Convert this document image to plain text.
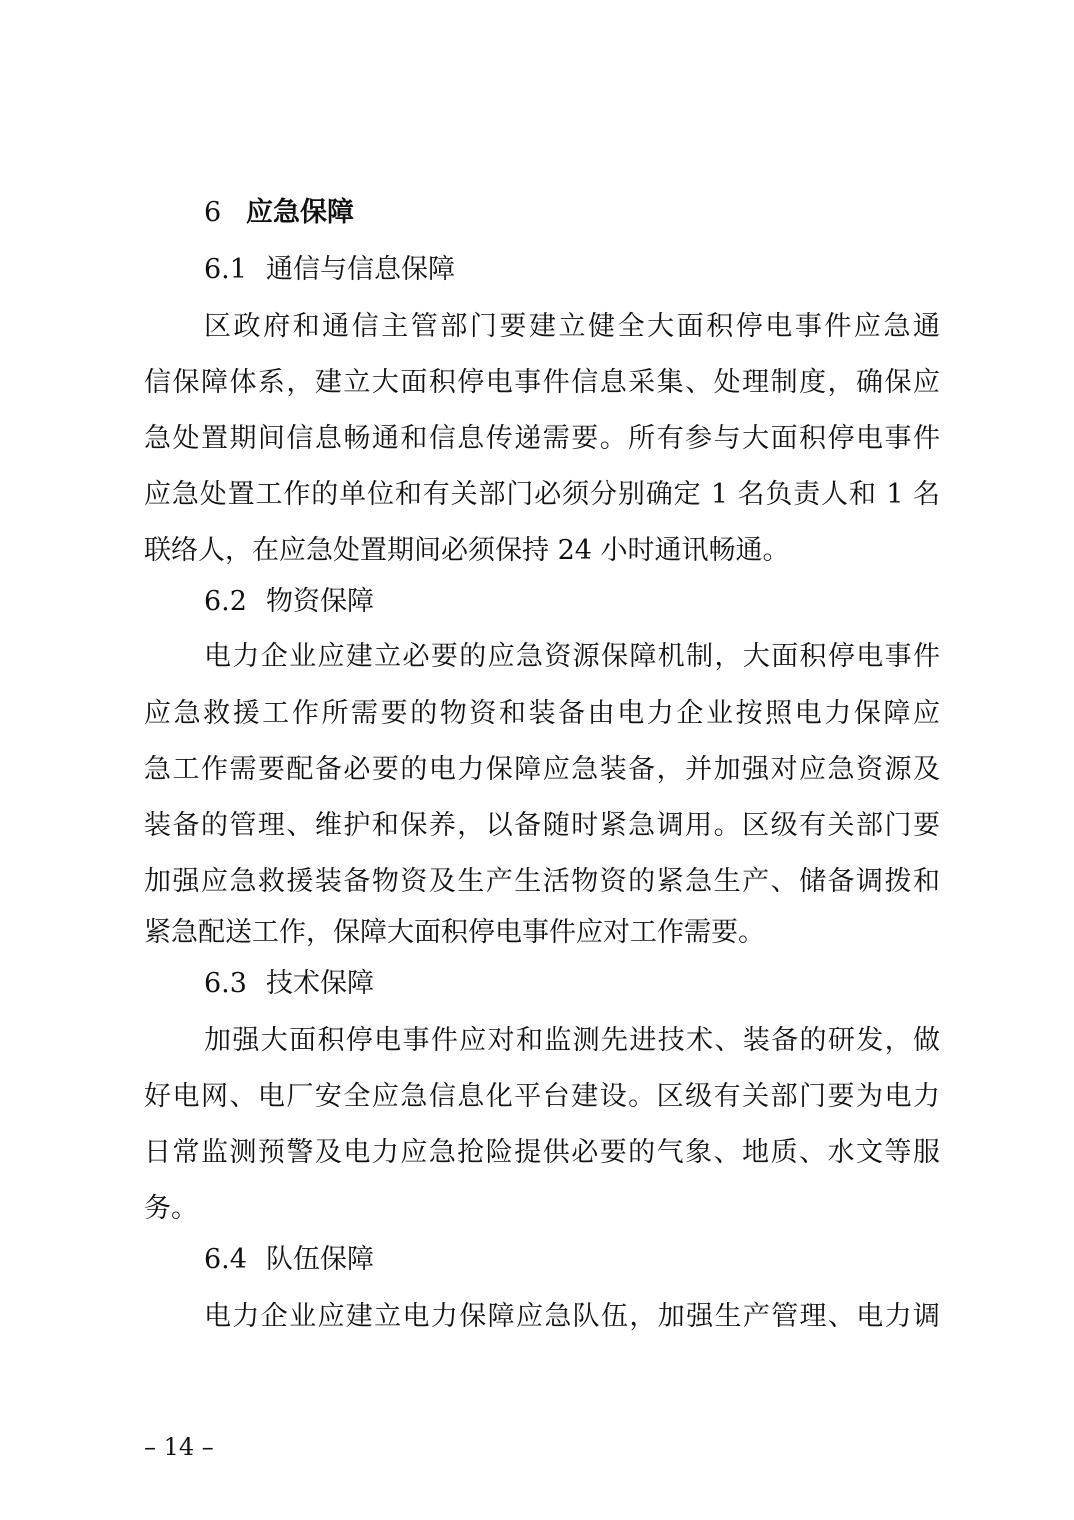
6 应急保障
6.1 通信与信息保障
区政府和通信主管部门要建立健全大面积停电事件应急通
信保障体系，建立大面积停电事件信息采集、处理制度，确保应
急处置期间信息畅通和信息传递需要。所有参与大面积停电事件
应急处置工作的单位和有关部门必须分别确定 1 名负责人和 1 名
联络人，在应急处置期间必须保持 24 小时通讯畅通。
6.2 物资保障
电力企业应建立必要的应急资源保障机制，大面积停电事件
应急救援工作所需要的物资和装备由电力企业按照电力保障应
急工作需要配备必要的电力保障应急装备，并加强对应急资源及
装备的管理、维护和保养，以备随时紧急调用。区级有关部门要
加强应急救援装备物资及生产生活物资的紧急生产、储备调拨和
紧急配送工作，保障大面积停电事件应对工作需要。
6.3 技术保障
加强大面积停电事件应对和监测先进技术、装备的研发，做
好电网、电厂安全应急信息化平台建设。区级有关部门要为电力
日常监测预警及电力应急抢险提供必要的气象、地质、水文等服
务。
6.4 队伍保障
电力企业应建立电力保障应急队伍，加强生产管理、电力调
– 14 –
